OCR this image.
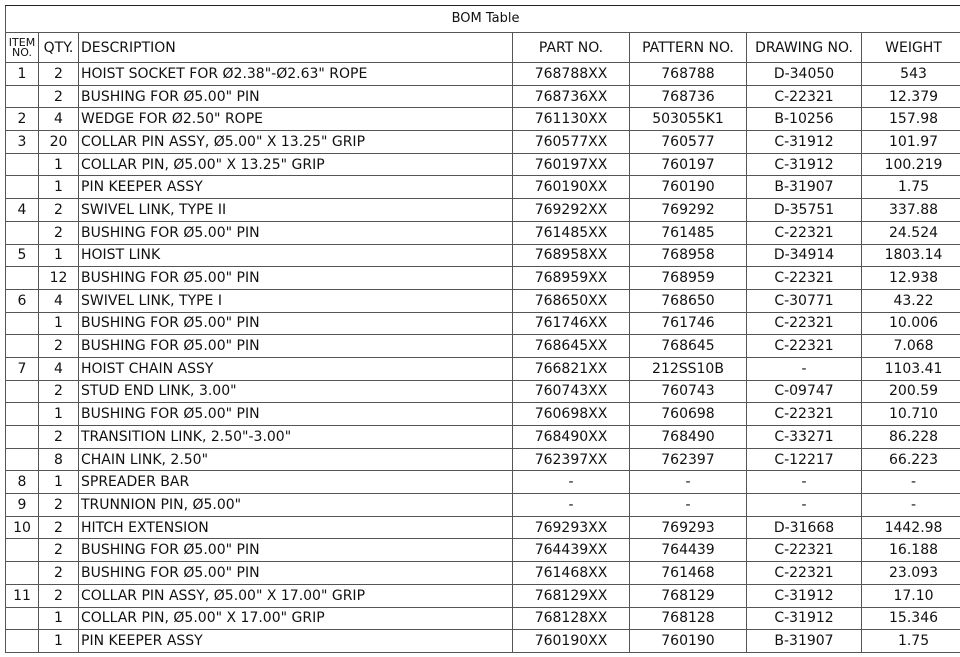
BOM Table						
ITEM
NO.	QTY.	DESCRIPTION	PART NO.	PATTERN NO.	DRAWING NO.	WEIGHT
1	2	HOIST SOCKET FOR Ø2.38"-Ø2.63" ROPE	768788XX	768788	D-34050	543
	2	BUSHING FOR Ø5.00" PIN	768736XX	768736	C-22321	12.379
2	4	WEDGE FOR Ø2.50" ROPE	761130XX	503055K1	B-10256	157.98
3	20	COLLAR PIN ASSY, Ø5.00" X 13.25" GRIP	760577XX	760577	C-31912	101.97
	1	COLLAR PIN, Ø5.00" X 13.25" GRIP	760197XX	760197	C-31912	100.219
	1	PIN KEEPER ASSY	760190XX	760190	B-31907	1.75
4	2	SWIVEL LINK, TYPE II	769292XX	769292	D-35751	337.88
	2	BUSHING FOR Ø5.00" PIN	761485XX	761485	C-22321	24.524
5	1	HOIST LINK	768958XX	768958	D-34914	1803.14
	12	BUSHING FOR Ø5.00" PIN	768959XX	768959	C-22321	12.938
6	4	SWIVEL LINK, TYPE I	768650XX	768650	C-30771	43.22
	1	BUSHING FOR Ø5.00" PIN	761746XX	761746	C-22321	10.006
	2	BUSHING FOR Ø5.00" PIN	768645XX	768645	C-22321	7.068
7	4	HOIST CHAIN ASSY	766821XX	212SS10B	-	1103.41
	2	STUD END LINK, 3.00"	760743XX	760743	C-09747	200.59
	1	BUSHING FOR Ø5.00" PIN	760698XX	760698	C-22321	10.710
	2	TRANSITION LINK, 2.50"-3.00"	768490XX	768490	C-33271	86.228
	8	CHAIN LINK, 2.50"	762397XX	762397	C-12217	66.223
8	1	SPREADER BAR	-	-	-	-
9	2	TRUNNION PIN, Ø5.00"	-	-	-	-
10	2	HITCH EXTENSION	769293XX	769293	D-31668	1442.98
	2	BUSHING FOR Ø5.00" PIN	764439XX	764439	C-22321	16.188
	2	BUSHING FOR Ø5.00" PIN	761468XX	761468	C-22321	23.093
11	2	COLLAR PIN ASSY, Ø5.00" X 17.00" GRIP	768129XX	768129	C-31912	17.10
	1	COLLAR PIN, Ø5.00" X 17.00" GRIP	768128XX	768128	C-31912	15.346
	1	PIN KEEPER ASSY	760190XX	760190	B-31907	1.75
